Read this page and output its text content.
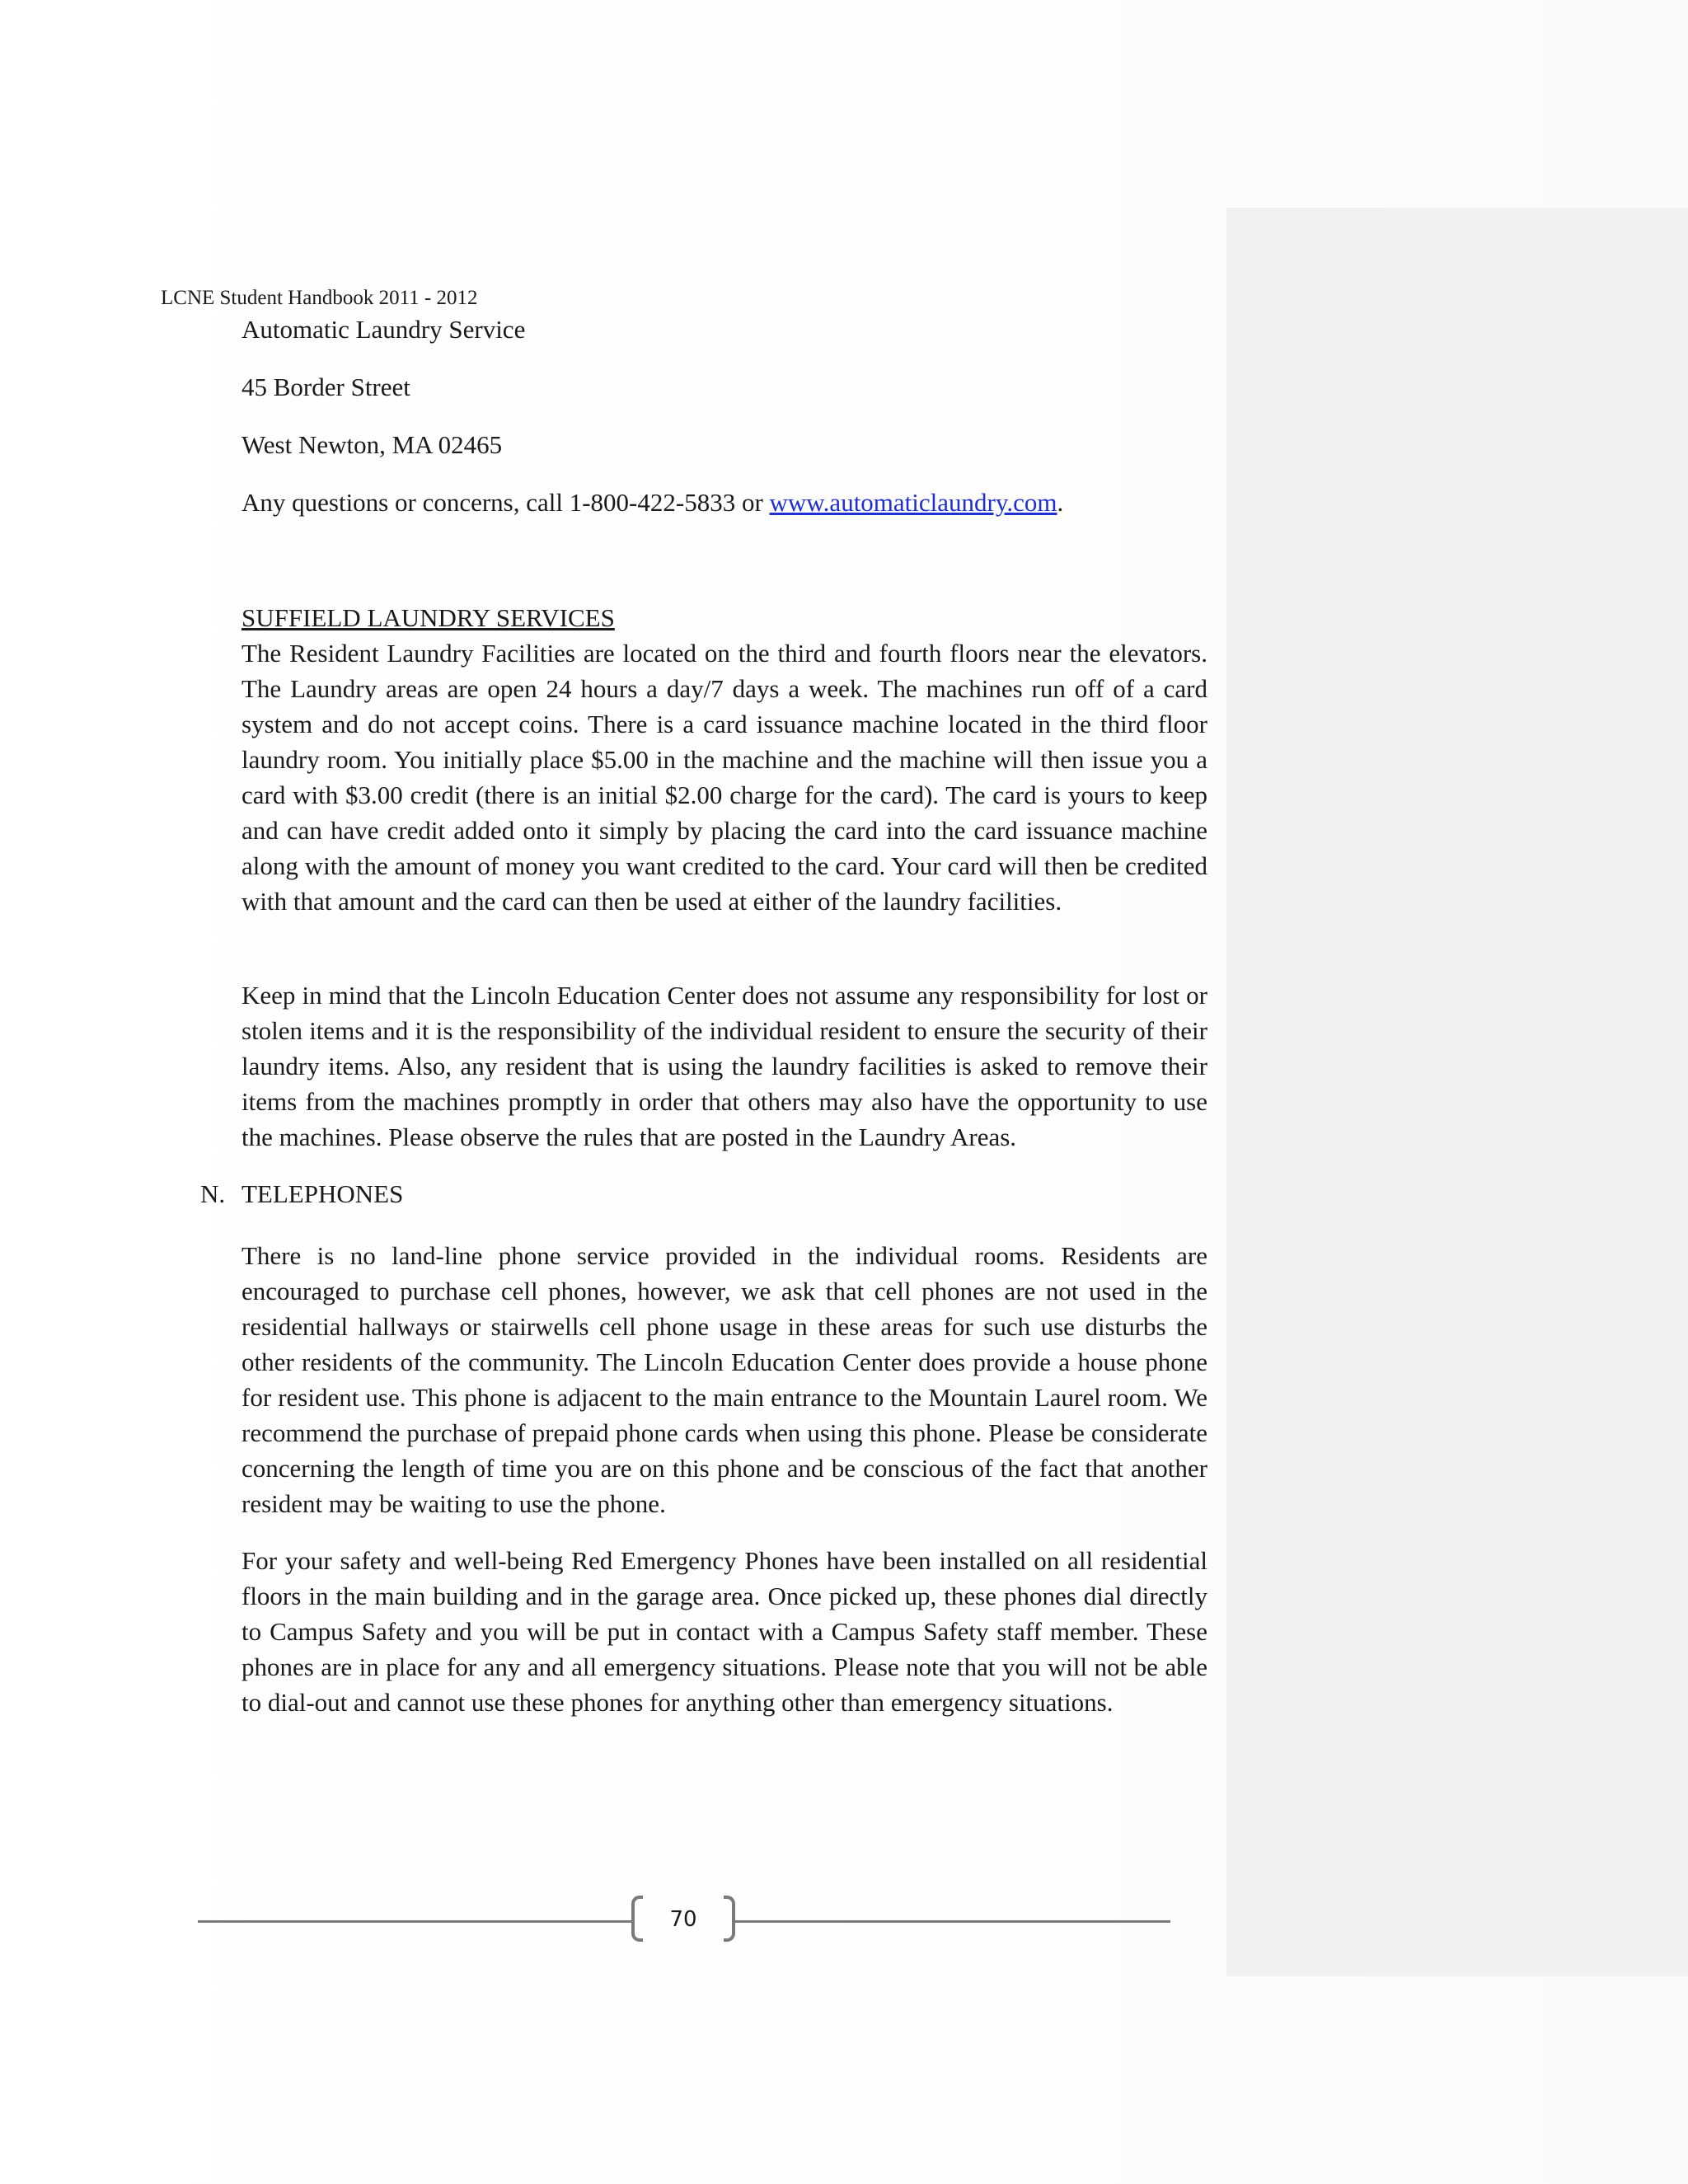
LCNE Student Handbook 2011 - 2012

Automatic Laundry Service

45 Border Street

West Newton, MA 02465

Any questions or concerns, call 1-800-422-5833 or www.automaticlaundry.com.

SUFFIELD LAUNDRY SERVICES

The Resident Laundry Facilities are located on the third and fourth floors near the elevators. The Laundry areas are open 24 hours a day/7 days a week. The machines run off of a card system and do not accept coins. There is a card issuance machine located in the third floor laundry room. You initially place $5.00 in the machine and the machine will then issue you a card with $3.00 credit (there is an initial $2.00 charge for the card). The card is yours to keep and can have credit added onto it simply by placing the card into the card issuance machine along with the amount of money you want credited to the card. Your card will then be credited with that amount and the card can then be used at either of the laundry facilities.

Keep in mind that the Lincoln Education Center does not assume any responsibility for lost or stolen items and it is the responsibility of the individual resident to ensure the security of their laundry items. Also, any resident that is using the laundry facilities is asked to remove their items from the machines promptly in order that others may also have the opportunity to use the machines. Please observe the rules that are posted in the Laundry Areas.

N. TELEPHONES

There is no land-line phone service provided in the individual rooms. Residents are encouraged to purchase cell phones, however, we ask that cell phones are not used in the residential hallways or stairwells cell phone usage in these areas for such use disturbs the other residents of the community. The Lincoln Education Center does provide a house phone for resident use. This phone is adjacent to the main entrance to the Mountain Laurel room. We recommend the purchase of prepaid phone cards when using this phone. Please be considerate concerning the length of time you are on this phone and be conscious of the fact that another resident may be waiting to use the phone.

For your safety and well-being Red Emergency Phones have been installed on all residential floors in the main building and in the garage area. Once picked up, these phones dial directly to Campus Safety and you will be put in contact with a Campus Safety staff member. These phones are in place for any and all emergency situations. Please note that you will not be able to dial-out and cannot use these phones for anything other than emergency situations.

70
